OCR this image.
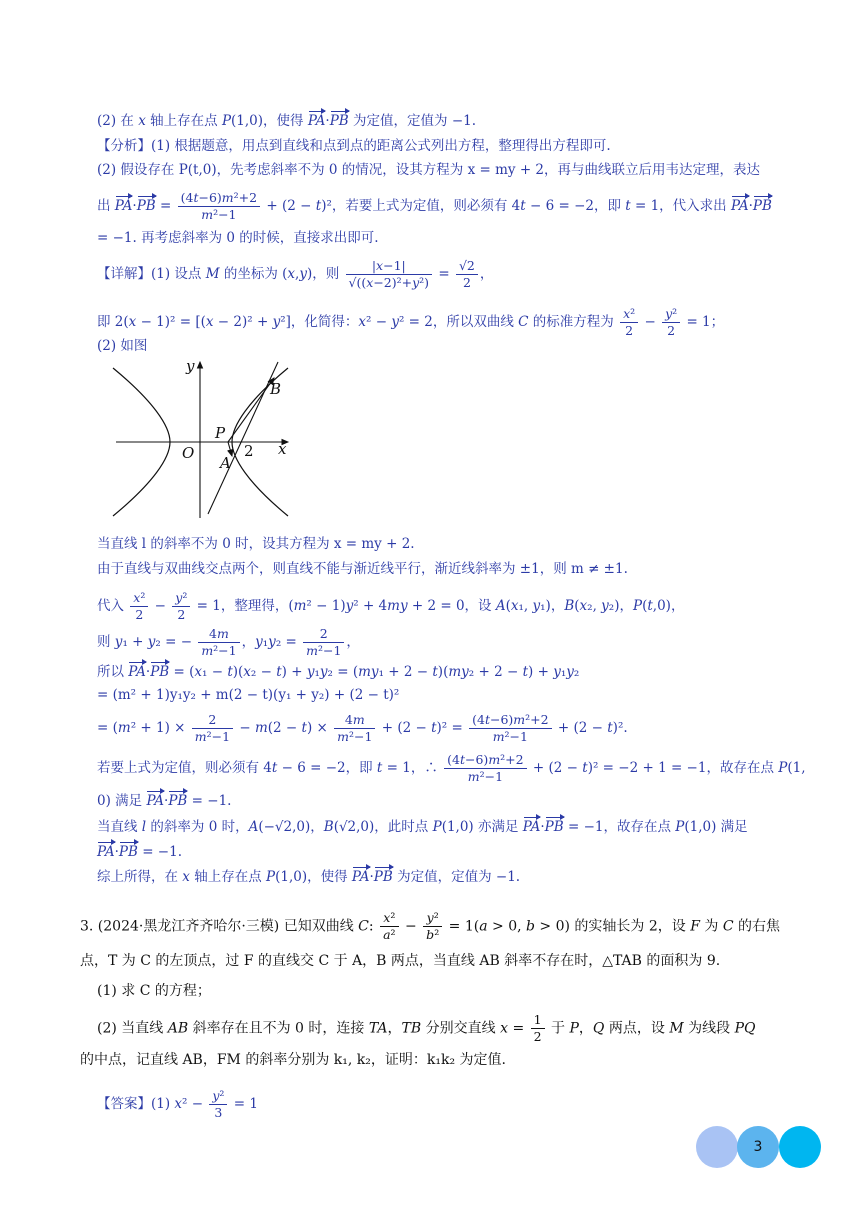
(2) 在 x 轴上存在点 P(1,0)，使得 PA·PB 为定值，定值为 −1.
【分析】(1) 根据题意，用点到直线和点到点的距离公式列出方程，整理得出方程即可.
(2) 假设存在 P(t,0)，先考虑斜率不为 0 的情况，设其方程为 x = my + 2，再与曲线联立后用韦达定理，表达
出 $PA\cdot PB = \frac{\text{(4t−6)m²+2}}{\text{m²−1}} + (2 - t)^2$，若要上式为定值，则必须有 4t − 6 = −2，即 t = 1，代入求出 PA·PB
= −1. 再考虑斜率为 0 的时候，直接求出即可.
【详解】(1) 设点 M 的坐标为 (x,y)，则 $\frac{|x-1|}{\text{√((x−2)²+y²)}} = \frac{√2}{2}$ ，
即 2(x − 1)² = [(x − 2)² + y²]，化简得：x² − y² = 2，所以双曲线 C 的标准方程为 $\frac{\text{x²}}{2} - \frac{\text{y²}}{2} = 1$；
(2) 如图
y
x
O
P
A
B
2
当直线 l 的斜率不为 0 时，设其方程为 x = my + 2.
由于直线与双曲线交点两个，则直线不能与渐近线平行，渐近线斜率为 ±1，则 m ≠ ±1.
代入 $\frac{\text{x²}}{2} - \frac{\text{y²}}{2} = 1$，整理得，(m² − 1)y² + 4my + 2 = 0，设 A(x₁, y₁)，B(x₂, y₂)，P(t,0)，
则 y₁ + y₂ = − $\frac{4m}{\text{m²−1}}$ ，$y_1y_2 = \frac{2}{\text{m²−1}}$ ，
所以 PA·PB = (x₁ − t)(x₂ − t) + y₁y₂ = (my₁ + 2 − t)(my₂ + 2 − t) + y₁y₂
= (m² + 1)y₁y₂ + m(2 − t)(y₁ + y₂) + (2 − t)²
= $(m^2 + 1) \times \frac{2}{\text{m²−1}} - m(2 - t) \times \frac{4m}{\text{m²−1}} + (2 - t)^2 = \frac{\text{(4t−6)m²+2}}{\text{m²−1}} + (2 - t)^2$.
若要上式为定值，则必须有 4t − 6 = −2，即 t = 1，∴ $\frac{\text{(4t−6)m²+2}}{\text{m²−1}} + (2 - t)^2 = -2 + 1 = -1$，故存在点 P(1,
0) 满足 PA·PB = −1.
当直线 l 的斜率为 0 时，A(−√2,0)，B(√2,0)，此时点 P(1,0) 亦满足 PA·PB = −1，故存在点 P(1,0) 满足
PA·PB = −1.
综上所得，在 x 轴上存在点 P(1,0)，使得 PA·PB 为定值，定值为 −1.
3. (2024·黑龙江齐齐哈尔·三模) 已知双曲线 C: $\frac{\text{x²}}{\text{a²}} - \frac{\text{y²}}{\text{b²}} = 1(a > 0$, b > 0) 的实轴长为 2，设 F 为 C 的右焦
点，T 为 C 的左顶点，过 F 的直线交 C 于 A，B 两点，当直线 AB 斜率不存在时，△TAB 的面积为 9.
(1) 求 C 的方程；
(2) 当直线 AB 斜率存在且不为 0 时，连接 TA，TB 分别交直线 $x = \frac{1}{2}$ 于 P，Q 两点，设 M 为线段 PQ
的中点，记直线 AB，FM 的斜率分别为 k₁, k₂，证明：k₁k₂ 为定值.
【答案】(1) $x^2 - \frac{\text{y²}}{3} = 1$
3
